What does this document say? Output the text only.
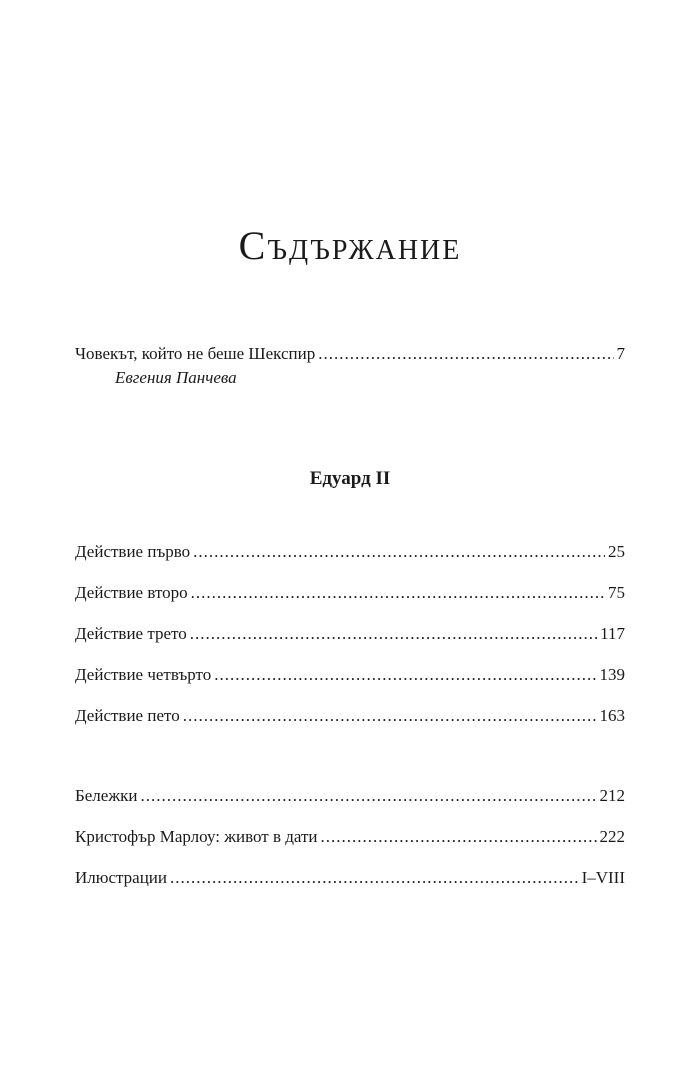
Съдържание
Човекът, който не беше Шекспир .....	7
Евгения Панчева
Едуард II
Действие първо .....	25
Действие второ .....	75
Действие трето .....	117
Действие четвърто .....	139
Действие пето .....	163
Бележки .....	212
Кристофър Марлоу: живот в дати .....	222
Илюстрации .....	I–VIII
